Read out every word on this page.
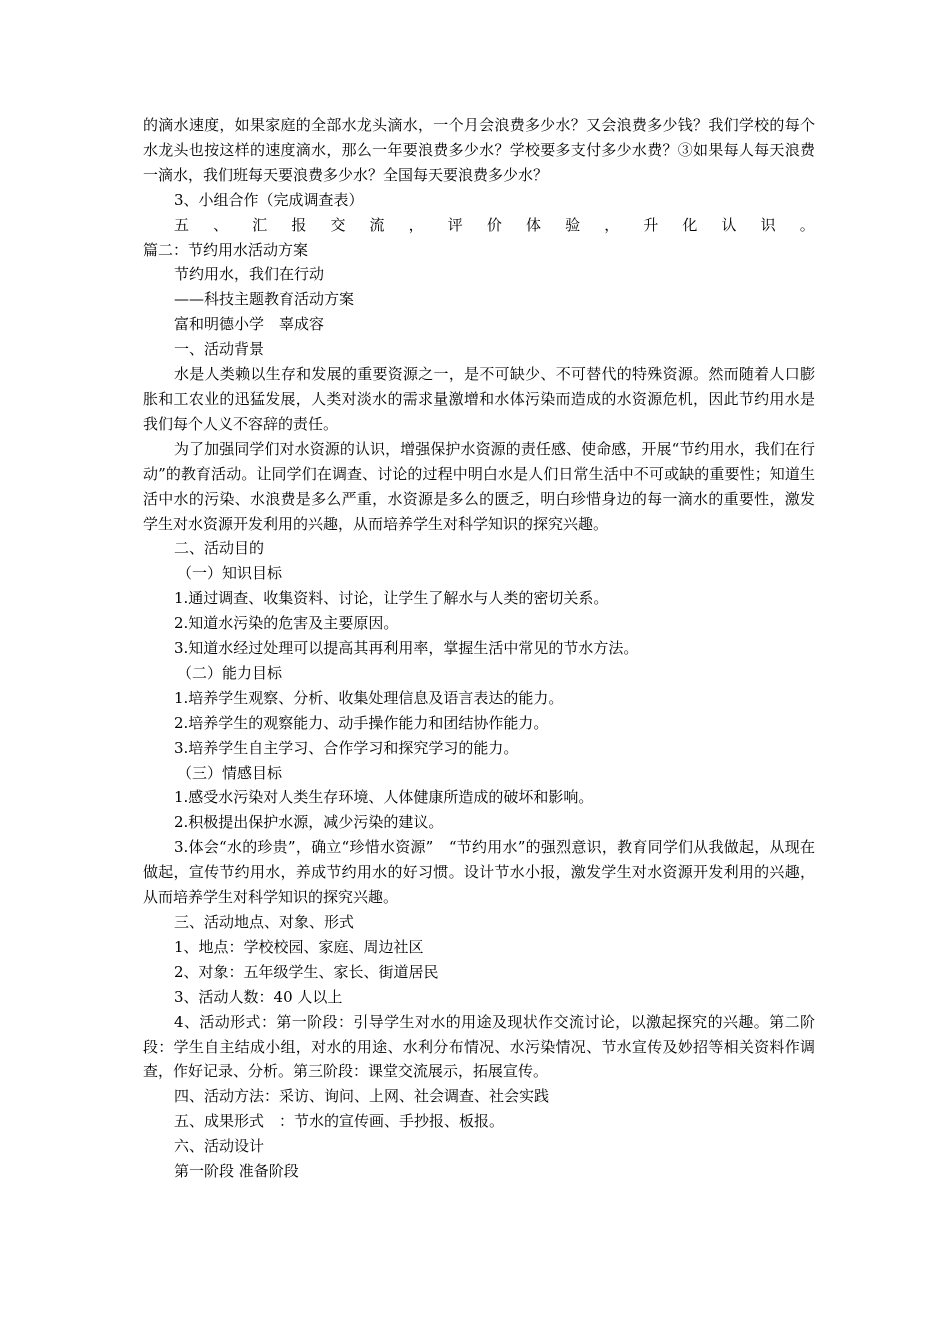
的滴水速度，如果家庭的全部水龙头滴水，一个月会浪费多少水？又会浪费多少钱？我们学校的每个水龙头也按这样的速度滴水，那么一年要浪费多少水？学校要多支付多少水费？③如果每人每天浪费一滴水，我们班每天要浪费多少水？全国每天要浪费多少水？

3、小组合作（完成调查表）

五 、 汇 报 交 流 ， 评 价 体 验 ， 升 化 认 识 。

篇二：节约用水活动方案

节约用水，我们在行动

——科技主题教育活动方案

富和明德小学　辜成容

一、活动背景

水是人类赖以生存和发展的重要资源之一，是不可缺少、不可替代的特殊资源。然而随着人口膨胀和工农业的迅猛发展，人类对淡水的需求量激增和水体污染而造成的水资源危机，因此节约用水是我们每个人义不容辞的责任。

为了加强同学们对水资源的认识，增强保护水资源的责任感、使命感，开展“节约用水，我们在行动”的教育活动。让同学们在调查、讨论的过程中明白水是人们日常生活中不可或缺的重要性；知道生活中水的污染、水浪费是多么严重，水资源是多么的匮乏，明白珍惜身边的每一滴水的重要性，激发学生对水资源开发利用的兴趣，从而培养学生对科学知识的探究兴趣。

二、活动目的

（一）知识目标

1.通过调查、收集资料、讨论，让学生了解水与人类的密切关系。

2.知道水污染的危害及主要原因。

3.知道水经过处理可以提高其再利用率，掌握生活中常见的节水方法。

（二）能力目标

1.培养学生观察、分析、收集处理信息及语言表达的能力。

2.培养学生的观察能力、动手操作能力和团结协作能力。

3.培养学生自主学习、合作学习和探究学习的能力。

（三）情感目标

1.感受水污染对人类生存环境、人体健康所造成的破坏和影响。

2.积极提出保护水源，减少污染的建议。

3.体会“水的珍贵”，确立“珍惜水资源”　“节约用水”的强烈意识，教育同学们从我做起，从现在做起，宣传节约用水，养成节约用水的好习惯。设计节水小报，激发学生对水资源开发利用的兴趣，从而培养学生对科学知识的探究兴趣。

三、活动地点、对象、形式

1、地点：学校校园、家庭、周边社区

2、对象：五年级学生、家长、街道居民

3、活动人数：40 人以上

4、活动形式：第一阶段：引导学生对水的用途及现状作交流讨论，以激起探究的兴趣。第二阶段：学生自主结成小组，对水的用途、水利分布情况、水污染情况、节水宣传及妙招等相关资料作调查，作好记录、分析。第三阶段：课堂交流展示，拓展宣传。

四、活动方法：采访、询问、上网、社会调查、社会实践

五、成果形式　：节水的宣传画、手抄报、板报。

六、活动设计

第一阶段 准备阶段
